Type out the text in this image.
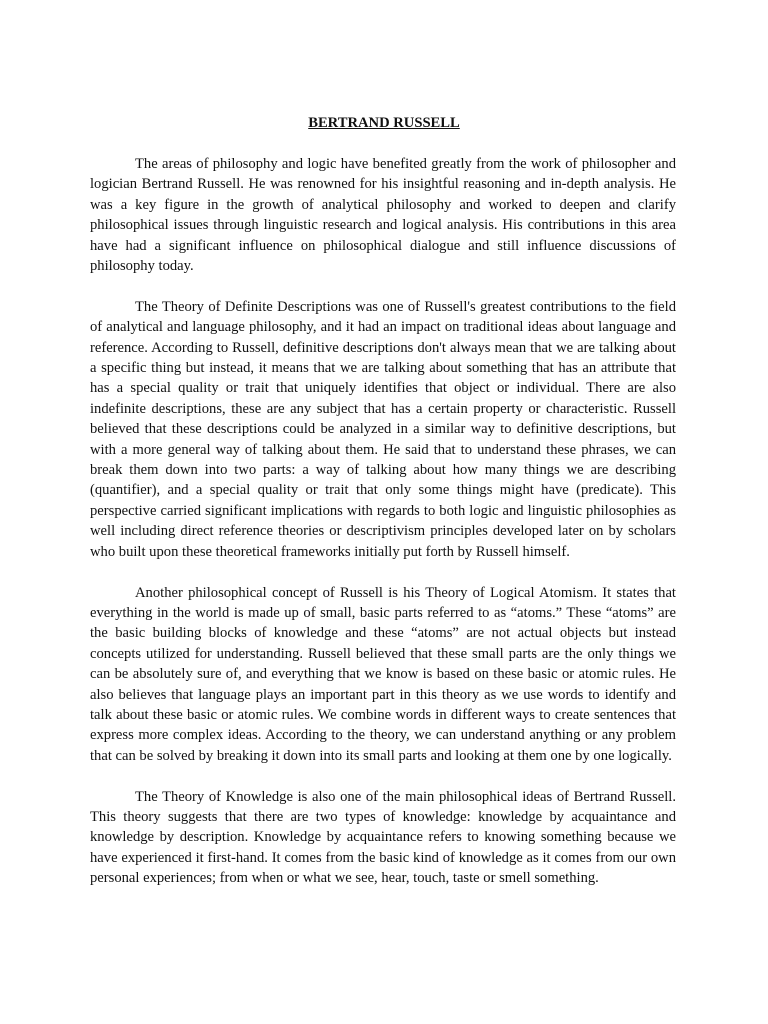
BERTRAND RUSSELL

The areas of philosophy and logic have benefited greatly from the work of philosopher and logician Bertrand Russell. He was renowned for his insightful reasoning and in-depth analysis. He was a key figure in the growth of analytical philosophy and worked to deepen and clarify philosophical issues through linguistic research and logical analysis. His contributions in this area have had a significant influence on philosophical dialogue and still influence discussions of philosophy today.

The Theory of Definite Descriptions was one of Russell's greatest contributions to the field of analytical and language philosophy, and it had an impact on traditional ideas about language and reference. According to Russell, definitive descriptions don't always mean that we are talking about a specific thing but instead, it means that we are talking about something that has an attribute that has a special quality or trait that uniquely identifies that object or individual. There are also indefinite descriptions, these are any subject that has a certain property or characteristic. Russell believed that these descriptions could be analyzed in a similar way to definitive descriptions, but with a more general way of talking about them. He said that to understand these phrases, we can break them down into two parts: a way of talking about how many things we are describing (quantifier), and a special quality or trait that only some things might have (predicate). This perspective carried significant implications with regards to both logic and linguistic philosophies as well including direct reference theories or descriptivism principles developed later on by scholars who built upon these theoretical frameworks initially put forth by Russell himself.

Another philosophical concept of Russell is his Theory of Logical Atomism. It states that everything in the world is made up of small, basic parts referred to as “atoms.” These “atoms” are the basic building blocks of knowledge and these “atoms” are not actual objects but instead concepts utilized for understanding. Russell believed that these small parts are the only things we can be absolutely sure of, and everything that we know is based on these basic or atomic rules. He also believes that language plays an important part in this theory as we use words to identify and talk about these basic or atomic rules. We combine words in different ways to create sentences that express more complex ideas. According to the theory, we can understand anything or any problem that can be solved by breaking it down into its small parts and looking at them one by one logically.

The Theory of Knowledge is also one of the main philosophical ideas of Bertrand Russell. This theory suggests that there are two types of knowledge: knowledge by acquaintance and knowledge by description. Knowledge by acquaintance refers to knowing something because we have experienced it first-hand. It comes from the basic kind of knowledge as it comes from our own personal experiences; from when or what we see, hear, touch, taste or smell something.
